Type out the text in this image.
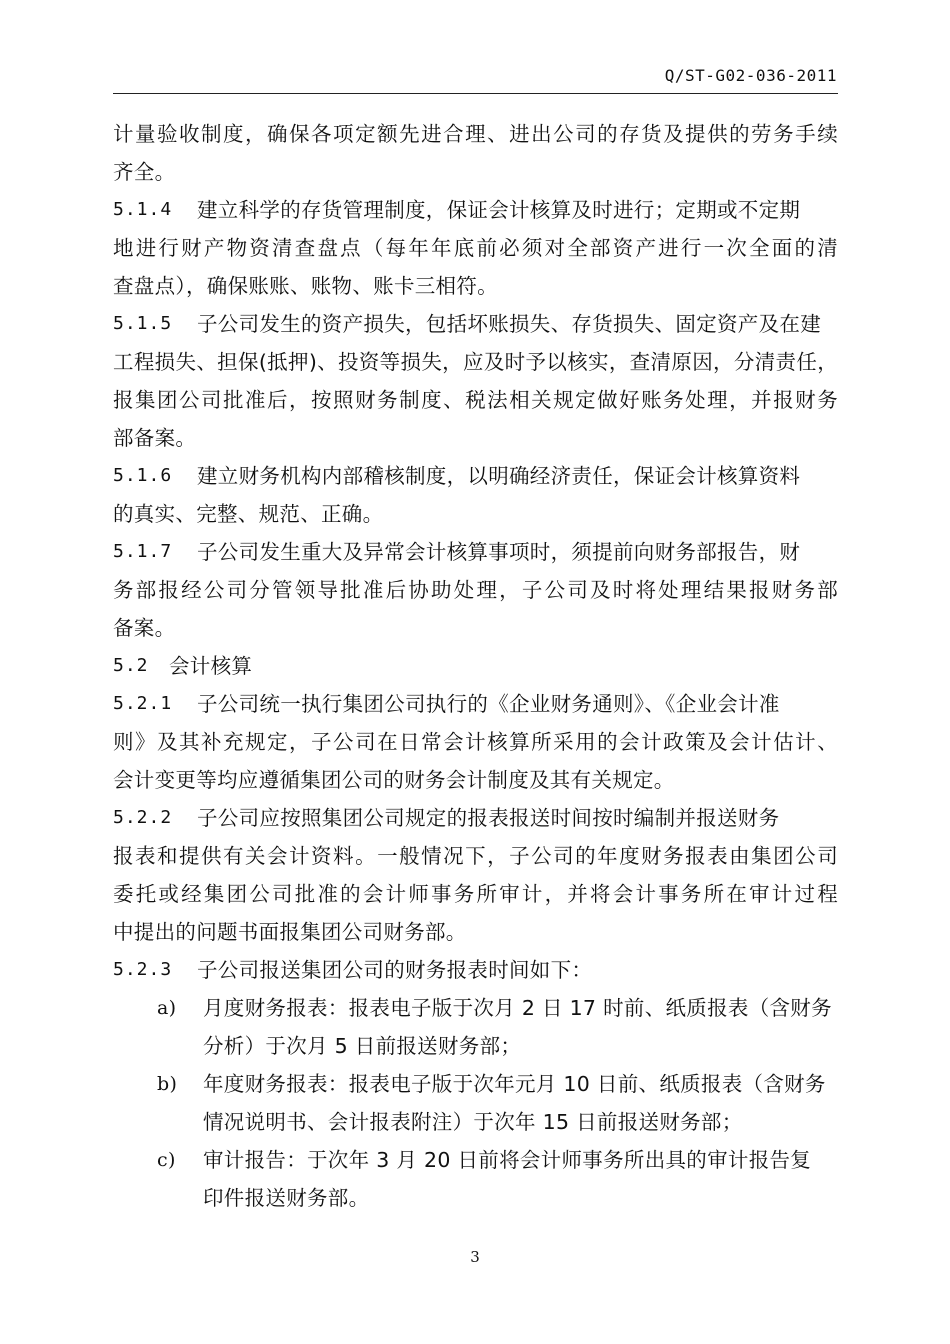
Q/ST-G02-036-2011
计量验收制度，确保各项定额先进合理、进出公司的存货及提供的劳务手续
齐全。
5.1.4	建立科学的存货管理制度，保证会计核算及时进行；定期或不定期
地进行财产物资清查盘点（每年年底前必须对全部资产进行一次全面的清
查盘点），确保账账、账物、账卡三相符。
5.1.5	子公司发生的资产损失，包括坏账损失、存货损失、固定资产及在建
工程损失、担保(抵押)、投资等损失，应及时予以核实，查清原因，分清责任，
报集团公司批准后，按照财务制度、税法相关规定做好账务处理，并报财务
部备案。
5.1.6	建立财务机构内部稽核制度，以明确经济责任，保证会计核算资料
的真实、完整、规范、正确。
5.1.7	子公司发生重大及异常会计核算事项时，须提前向财务部报告，财
务部报经公司分管领导批准后协助处理，子公司及时将处理结果报财务部
备案。
5.2 会计核算
5.2.1	子公司统一执行集团公司执行的《企业财务通则》、《企业会计准
则》及其补充规定，子公司在日常会计核算所采用的会计政策及会计估计、
会计变更等均应遵循集团公司的财务会计制度及其有关规定。
5.2.2	子公司应按照集团公司规定的报表报送时间按时编制并报送财务
报表和提供有关会计资料。一般情况下，子公司的年度财务报表由集团公司
委托或经集团公司批准的会计师事务所审计，并将会计事务所在审计过程
中提出的问题书面报集团公司财务部。
5.2.3	子公司报送集团公司的财务报表时间如下：
a)	月度财务报表：报表电子版于次月 2 日 17 时前、纸质报表（含财务
分析）于次月 5 日前报送财务部；
b)	年度财务报表：报表电子版于次年元月 10 日前、纸质报表（含财务
情况说明书、会计报表附注）于次年 15 日前报送财务部；
c)	审计报告：于次年 3 月 20 日前将会计师事务所出具的审计报告复
印件报送财务部。
3
